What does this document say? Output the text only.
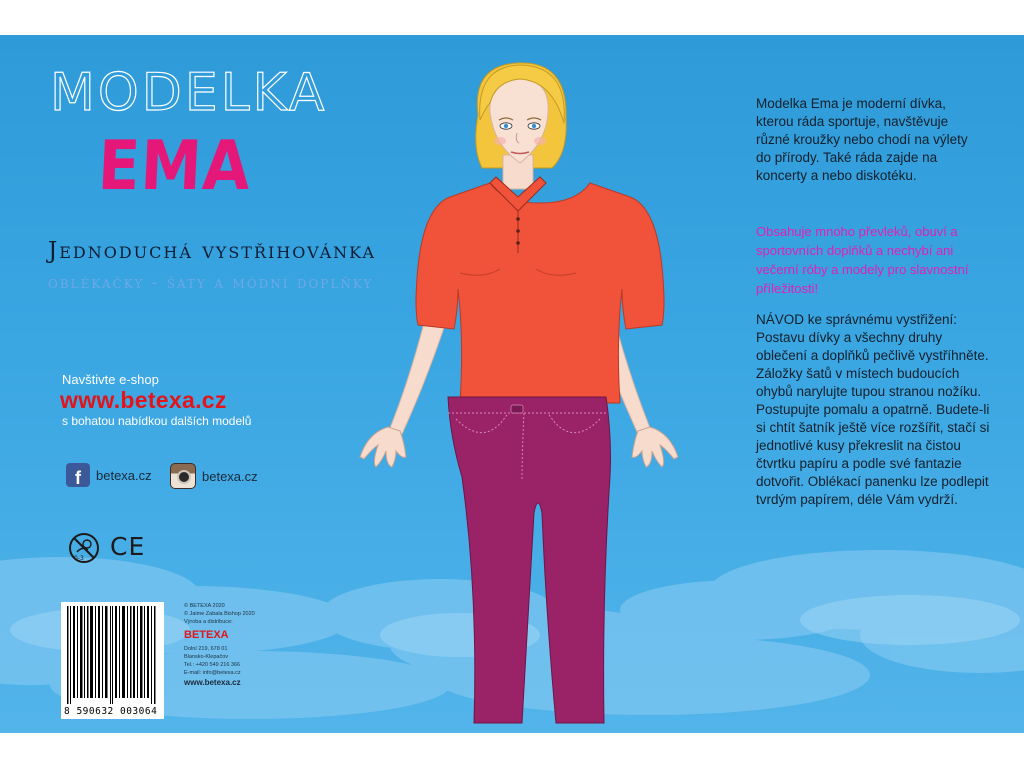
MODELKA
EMA
Jednoduchá vystřihovánka
oblékačky - šaty a módní doplňky
Navštivte e-shop
www.betexa.cz
s bohatou nabídkou dalších modelů
f	betexa.cz	betexa.cz
0-3 CE
8 590632 003064
© BETEXA 2020
© Jaime Zabala Bishop 2020
Výroba a distribuce:
BETEXA
Dolní 219, 678 01
Blansko-Klepačov
Tel.: +420 549 216 366
E-mail: info@betexa.cz
www.betexa.cz
Modelka Ema je moderní dívka, kterou ráda sportuje, navštěvuje různé kroužky nebo chodí na výlety do přírody. Také ráda zajde na koncerty a nebo diskotéku.
Obsahuje mnoho převleků, obuví a sportovních doplňků a nechybí ani večerní róby a modely pro slavnostní příležitosti!
NÁVOD ke správnému vystřižení: Postavu dívky a všechny druhy oblečení a doplňků pečlivě vystříhněte. Záložky šatů v místech budoucích ohybů narylujte tupou stranou nožíku. Postupujte pomalu a opatrně. Budete-li si chtít šatník ještě více rozšířit, stačí si jednotlivé kusy překreslit na čistou čtvrtku papíru a podle své fantazie dotvořit. Oblékací panenku lze podlepit tvrdým papírem, déle Vám vydrží.
